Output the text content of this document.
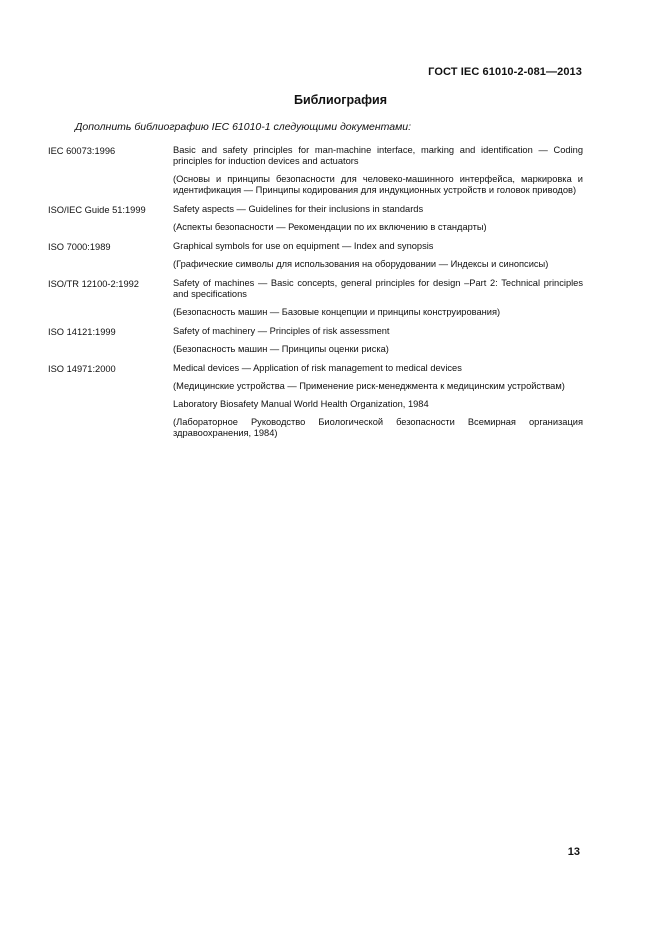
ГОСТ IEC 61010-2-081—2013
Библиография
Дополнить библиографию IEC 61010-1 следующими документами:
IEC 60073:1996	Basic and safety principles for man-machine interface, marking and identification — Coding principles for induction devices and actuators

(Основы и принципы безопасности для человеко-машинного интерфейса, маркировка и идентификация — Принципы кодирования для индукционных устройств и головок приводов)

ISO/IEC Guide 51:1999	Safety aspects — Guidelines for their inclusions in standards

(Аспекты безопасности — Рекомендации по их включению в стандарты)

ISO 7000:1989	Graphical symbols for use on equipment — Index and synopsis

(Графические символы для использования на оборудовании — Индексы и синопсисы)

ISO/TR 12100-2:1992	Safety of machines — Basic concepts, general principles for design –Part 2: Technical principles and specifications

(Безопасность машин — Базовые концепции и принципы конструирования)

ISO 14121:1999	Safety of machinery — Principles of risk assessment

(Безопасность машин — Принципы оценки риска)

ISO 14971:2000	Medical devices — Application of risk management to medical devices

(Медицинские устройства — Применение риск-менеджмента к медицинским устройствам)

Laboratory Biosafety Manual World Health Organization, 1984

(Лабораторное Руководство Биологической безопасности Всемирная организация здравоохранения, 1984)

13
